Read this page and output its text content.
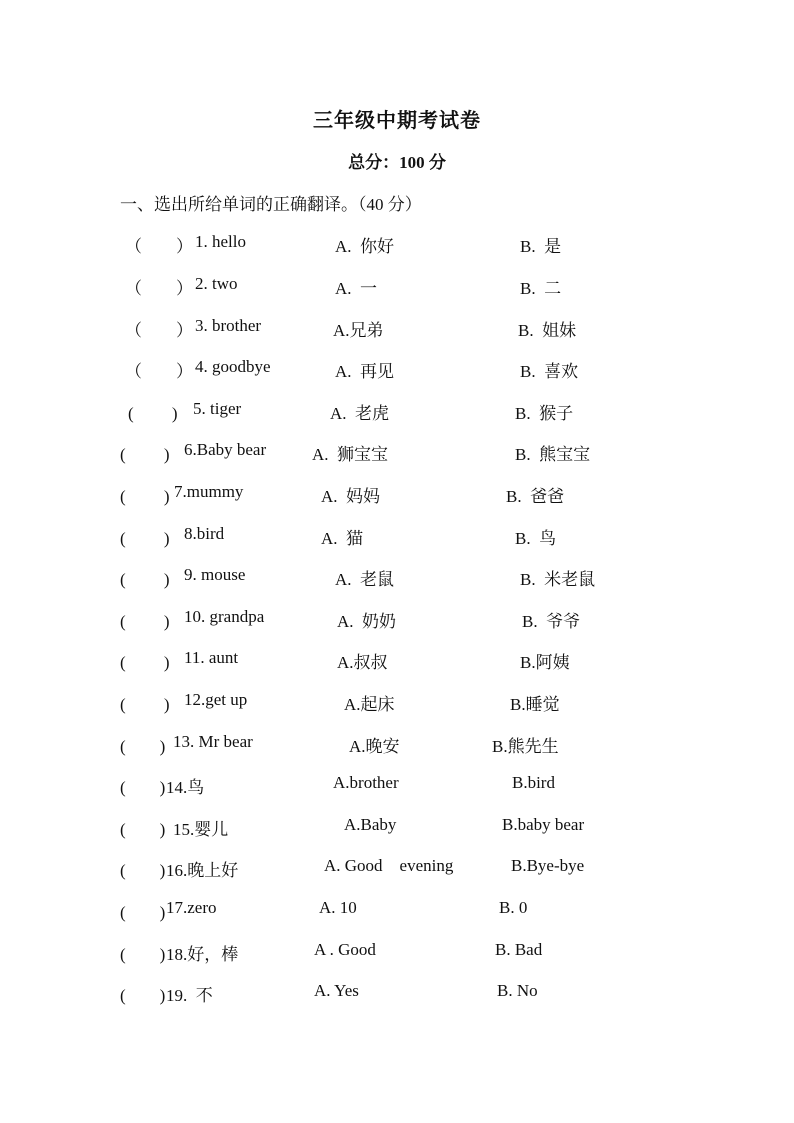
三年级中期考试卷
总分：100 分
一、选出所给单词的正确翻译。（40 分）
（　　） 1. hello	A.  你好	B.  是
（　　） 2. two	A.  一	B.  二
（　　） 3. brother	A.兄弟	B.  姐妹
（　　） 4. goodbye	A.  再见	B.  喜欢
(　　 ) 5. tiger	A.  老虎	B.  猴子
(　　 ) 6.Baby bear	A.  狮宝宝	B.  熊宝宝
(　　 ) 7.mummy	A.  妈妈	B.  爸爸
(　　 ) 8.bird	A.  猫	B.  鸟
(　　 ) 9. mouse	A.  老鼠	B.  米老鼠
(　　 ) 10. grandpa	A.  奶奶	B.  爷爷
(　　 ) 11. aunt	A.叔叔	B.阿姨
(　　 ) 12.get up	A.起床	B.睡觉
(　　) 13. Mr bear	A.晚安	B.熊先生
(　　) 14.鸟	A.brother	B.bird
(　　) 15.婴儿	A.Baby	B.baby bear
(　　) 16.晚上好	A. Good    evening	B.Bye-bye
(　　) 17.zero	A. 10	B. 0
(　　) 18.好，棒	A . Good	B. Bad
(　　) 19.  不	A. Yes	B. No
